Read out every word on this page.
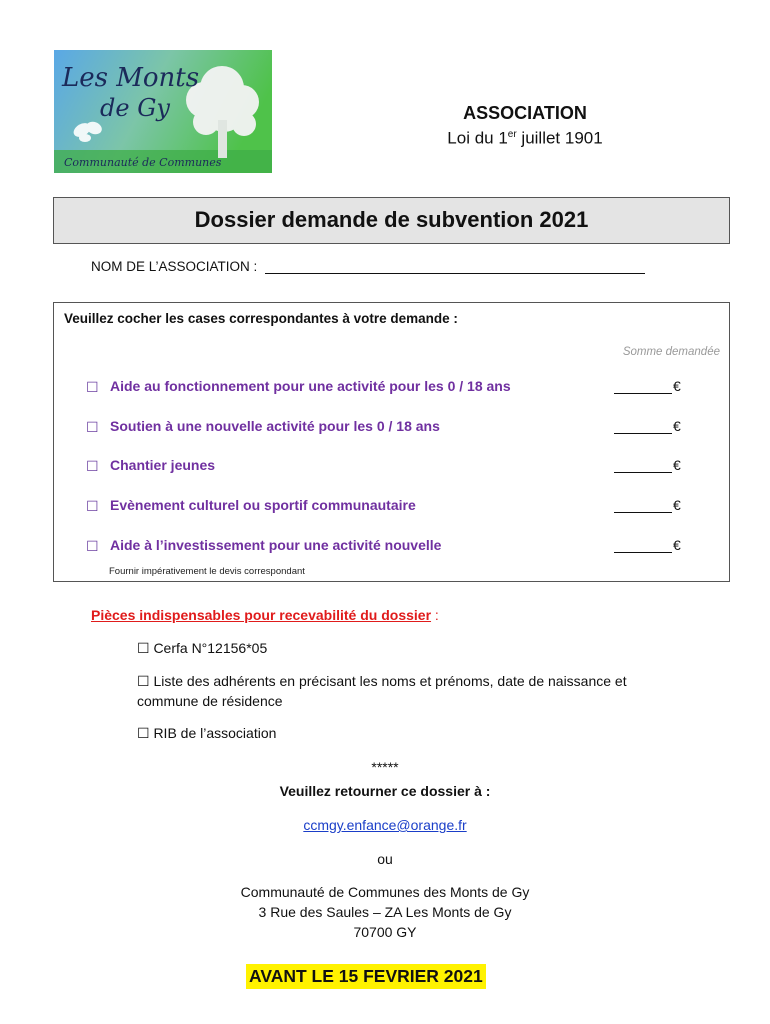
Les Monts
de Gy
Communauté de Communes
ASSOCIATION
Loi du 1er juillet 1901
Dossier demande de subvention 2021
NOM DE L’ASSOCIATION :
Veuillez cocher les cases correspondantes à votre demande :
Somme demandée
☐ Aide au fonctionnement pour une activité pour les 0 / 18 ans	€
☐ Soutien à une nouvelle activité pour les 0 / 18 ans	€
☐ Chantier jeunes	€
☐ Evènement culturel ou sportif communautaire	€
☐ Aide à l’investissement pour une activité nouvelle	€
Fournir impérativement le devis correspondant
Pièces indispensables pour recevabilité du dossier :
☐ Cerfa N°12156*05
☐ Liste des adhérents en précisant les noms et prénoms, date de naissance et
commune de résidence
☐ RIB de l’association
*****
Veuillez retourner ce dossier à :
ccmgy.enfance@orange.fr
ou
Communauté de Communes des Monts de Gy
3 Rue des Saules – ZA Les Monts de Gy
70700 GY
AVANT LE 15 FEVRIER 2021
